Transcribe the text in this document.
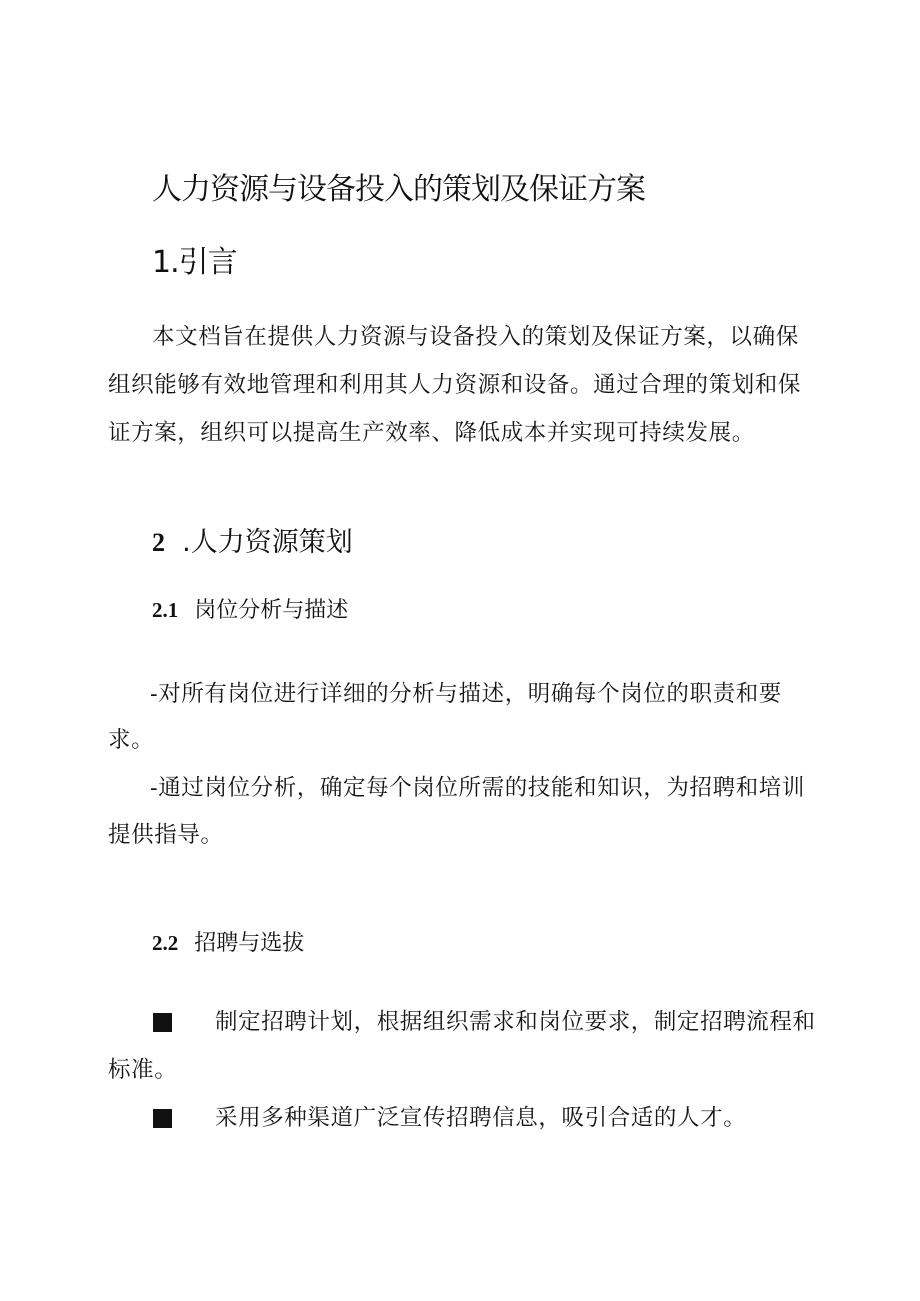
人力资源与设备投入的策划及保证方案
1.引言
本文档旨在提供人力资源与设备投入的策划及保证方案，以确保
组织能够有效地管理和利用其人力资源和设备。通过合理的策划和保
证方案，组织可以提高生产效率、降低成本并实现可持续发展。
2 .人力资源策划
2.1 岗位分析与描述
-对所有岗位进行详细的分析与描述，明确每个岗位的职责和要
求。
-通过岗位分析，确定每个岗位所需的技能和知识，为招聘和培训
提供指导。
2.2 招聘与选拔
制定招聘计划，根据组织需求和岗位要求，制定招聘流程和
标准。
采用多种渠道广泛宣传招聘信息，吸引合适的人才。
